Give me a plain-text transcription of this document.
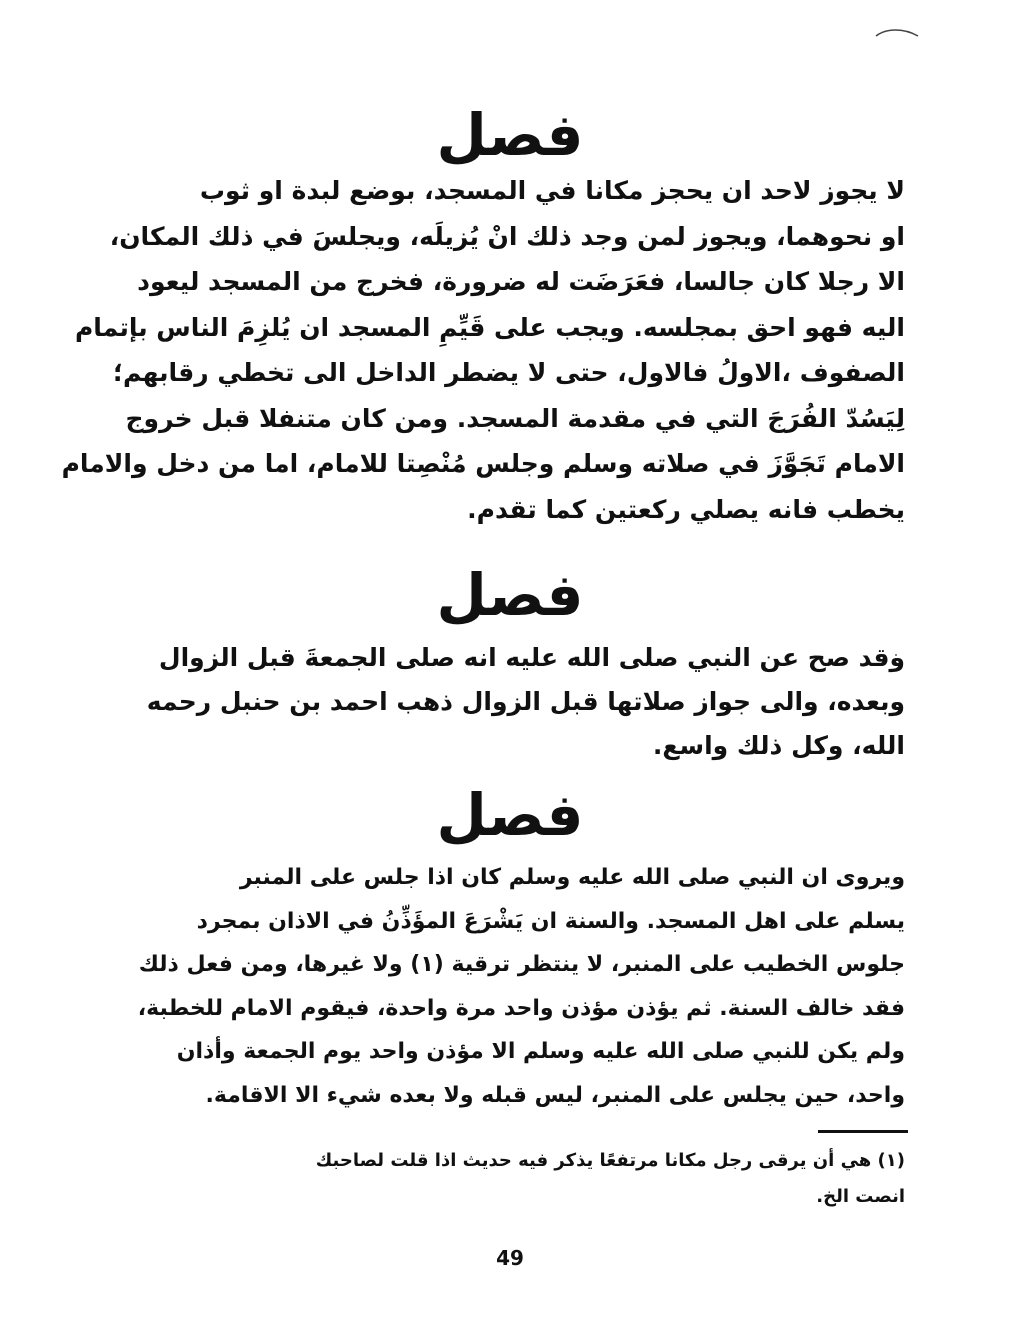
فصل
لا يجوز لاحد ان يحجز مكانا في المسجد، بوضع لبدة او ثوب
او نحوهما، ويجوز لمن وجد ذلك انْ يُزيلَه، ويجلسَ في ذلك المكان،
الا رجلا كان جالسا، فعَرَضَت له ضرورة، فخرج من المسجد ليعود
اليه فهو احق بمجلسه. ويجب على قَيِّمِ المسجد ان يُلزِمَ الناس بإتمام
الصفوف ،الاولُ فالاول، حتى لا يضطر الداخل الى تخطي رقابهم؛
لِيَسُدّ الفُرَجَ التي في مقدمة المسجد. ومن كان متنفلا قبل خروج
الامام تَجَوَّزَ في صلاته وسلم وجلس مُنْصِتا للامام، اما من دخل والامام
يخطب فانه يصلي ركعتين كما تقدم.
فصل
وقد صح عن النبي صلى الله عليه انه صلى الجمعةَ قبل الزوال
وبعده، والى جواز صلاتها قبل الزوال ذهب احمد بن حنبل رحمه
الله، وكل ذلك واسع.
فصل
ويروى ان النبي صلى الله عليه وسلم كان اذا جلس على المنبر
يسلم على اهل المسجد. والسنة ان يَشْرَعَ المؤَذِّنُ في الاذان بمجرد
جلوس الخطيب على المنبر، لا ينتظر ترقية (١) ولا غيرها، ومن فعل ذلك
فقد خالف السنة. ثم يؤذن مؤذن واحد مرة واحدة، فيقوم الامام للخطبة،
ولم يكن للنبي صلى الله عليه وسلم الا مؤذن واحد يوم الجمعة وأذان
واحد، حين يجلس على المنبر، ليس قبله ولا بعده شيء الا الاقامة.
(١) هي أن يرقى رجل مكانا مرتفعًا يذكر فيه حديث اذا قلت لصاحبك
انصت الخ.
49
